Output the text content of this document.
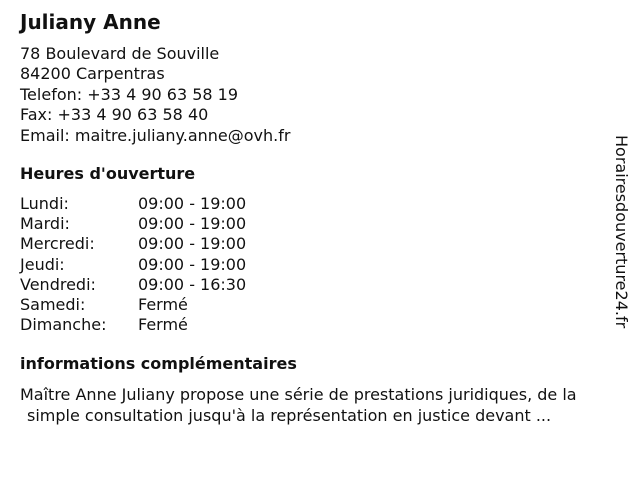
Juliany Anne
78 Boulevard de Souville
84200 Carpentras
Telefon: +33 4 90 63 58 19
Fax: +33 4 90 63 58 40
Email: maitre.juliany.anne@ovh.fr
Heures d'ouverture
Lundi:	09:00 - 19:00
Mardi:	09:00 - 19:00
Mercredi:	09:00 - 19:00
Jeudi:	09:00 - 19:00
Vendredi:	09:00 - 16:30
Samedi:	Fermé
Dimanche:	Fermé
informations complémentaires
Maître Anne Juliany propose une série de prestations juridiques, de la
simple consultation jusqu'à la représentation en justice devant ...
Horairesdouverture24.fr
